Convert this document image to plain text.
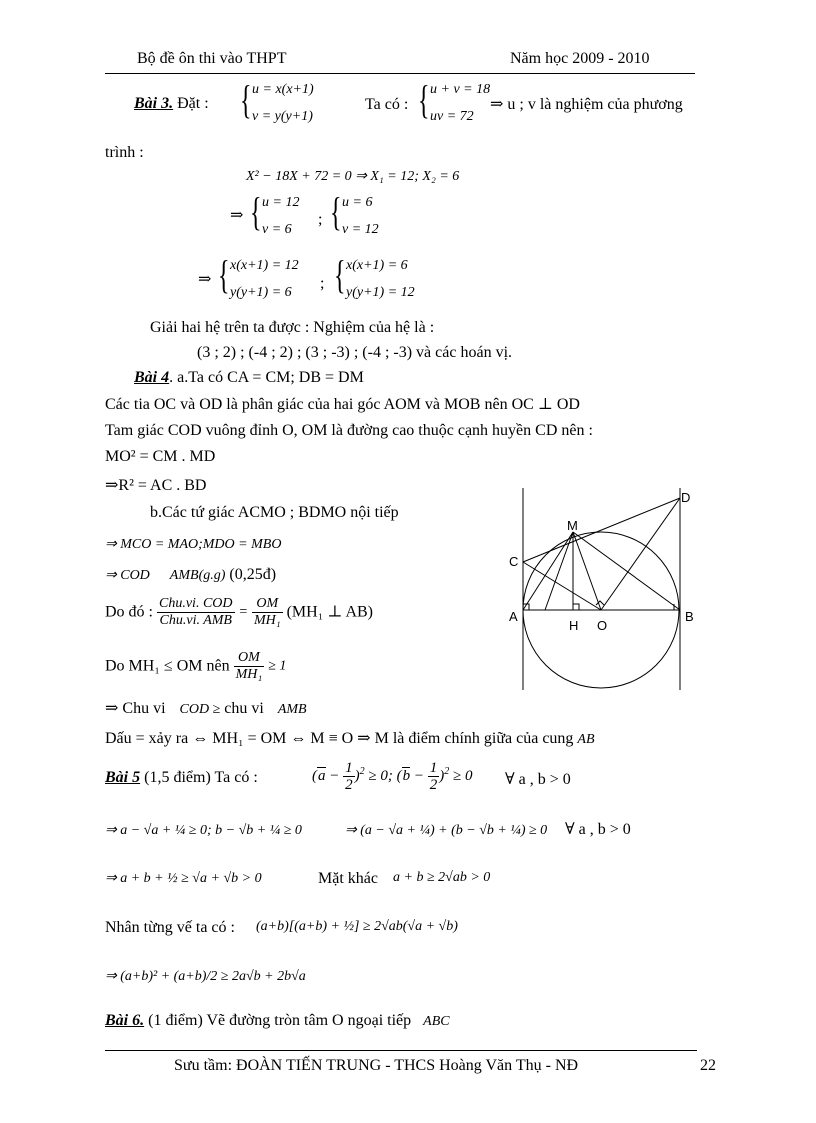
Bộ đề ôn thi vào THPT	Năm học 2009 - 2010
Bài 3. Đặt : { u = x(x+1)
v = y(y+1)
Ta có : { u + v = 18
uv = 72
⇒ u ; v là nghiệm của phương
trình :
X² − 18X + 72 = 0 ⇒ X₁ = 12; X₂ = 6
⇒ { u = 12
v = 6
; { u = 6
v = 12
⇒ { x(x+1) = 12
y(y+1) = 6
; { x(x+1) = 6
y(y+1) = 12
Giải hai hệ trên ta được : Nghiệm của hệ là :
(3 ; 2) ; (-4 ; 2) ; (3 ; -3) ; (-4 ; -3) và các hoán vị.
Bài 4. a.Ta có CA = CM; DB = DM
Các tia OC và OD là phân giác của hai góc AOM và MOB nên OC ⊥ OD
Tam giác COD vuông đỉnh O, OM là đường cao thuộc cạnh huyền CD nên :
MO² = CM . MD
⇒R² = AC . BD
b.Các tứ giác ACMO ; BDMO nội tiếp
⇒ MCO = MAO;MDO = MBO
⇒ COD AMB(g.g) (0,25đ)
Do đó : $\frac{\text{Chu.vi. COD}}{\text{Chu.vi. AMB}} = \frac{OM}{\text{MH₁}} (MH_1$ ⊥ AB)
Do MH₁ ≤ OM nên $\frac{OM}{\text{MH₁}} \ge 1$
⇒ Chu vi COD ≥ chu vi AMB
Dấu = xảy ra ⇔ MH₁ = OM ⇔ M ≡ O ⇒ M là điểm chính giữa của cung AB
A	B
C
D
M
H O
Bài 5 (1,5 điểm) Ta có :	$(a - \frac{1}{2} )^2 \ge 0$; $(b - \frac{1}{2} )^2 \ge 0$ ∀ a , b > 0
⇒ a − √a + ¼ ≥ 0; b − √b + ¼ ≥ 0	⇒ (a − √a + ¼) + (b − √b + ¼) ≥ 0 ∀ a , b > 0
⇒ a + b + ½ ≥ √a + √b > 0	Mặt khác a + b ≥ 2√ab > 0
Nhân từng vế ta có : (a+b)[(a+b) + ½] ≥ 2√ab(√a + √b)
⇒ (a+b)² + (a+b)/2 ≥ 2a√b + 2b√a
Bài 6. (1 điểm) Vẽ đường tròn tâm O ngoại tiếp ABC
Sưu tầm: ĐOÀN TIẾN TRUNG - THCS Hoàng Văn Thụ - NĐ	22
